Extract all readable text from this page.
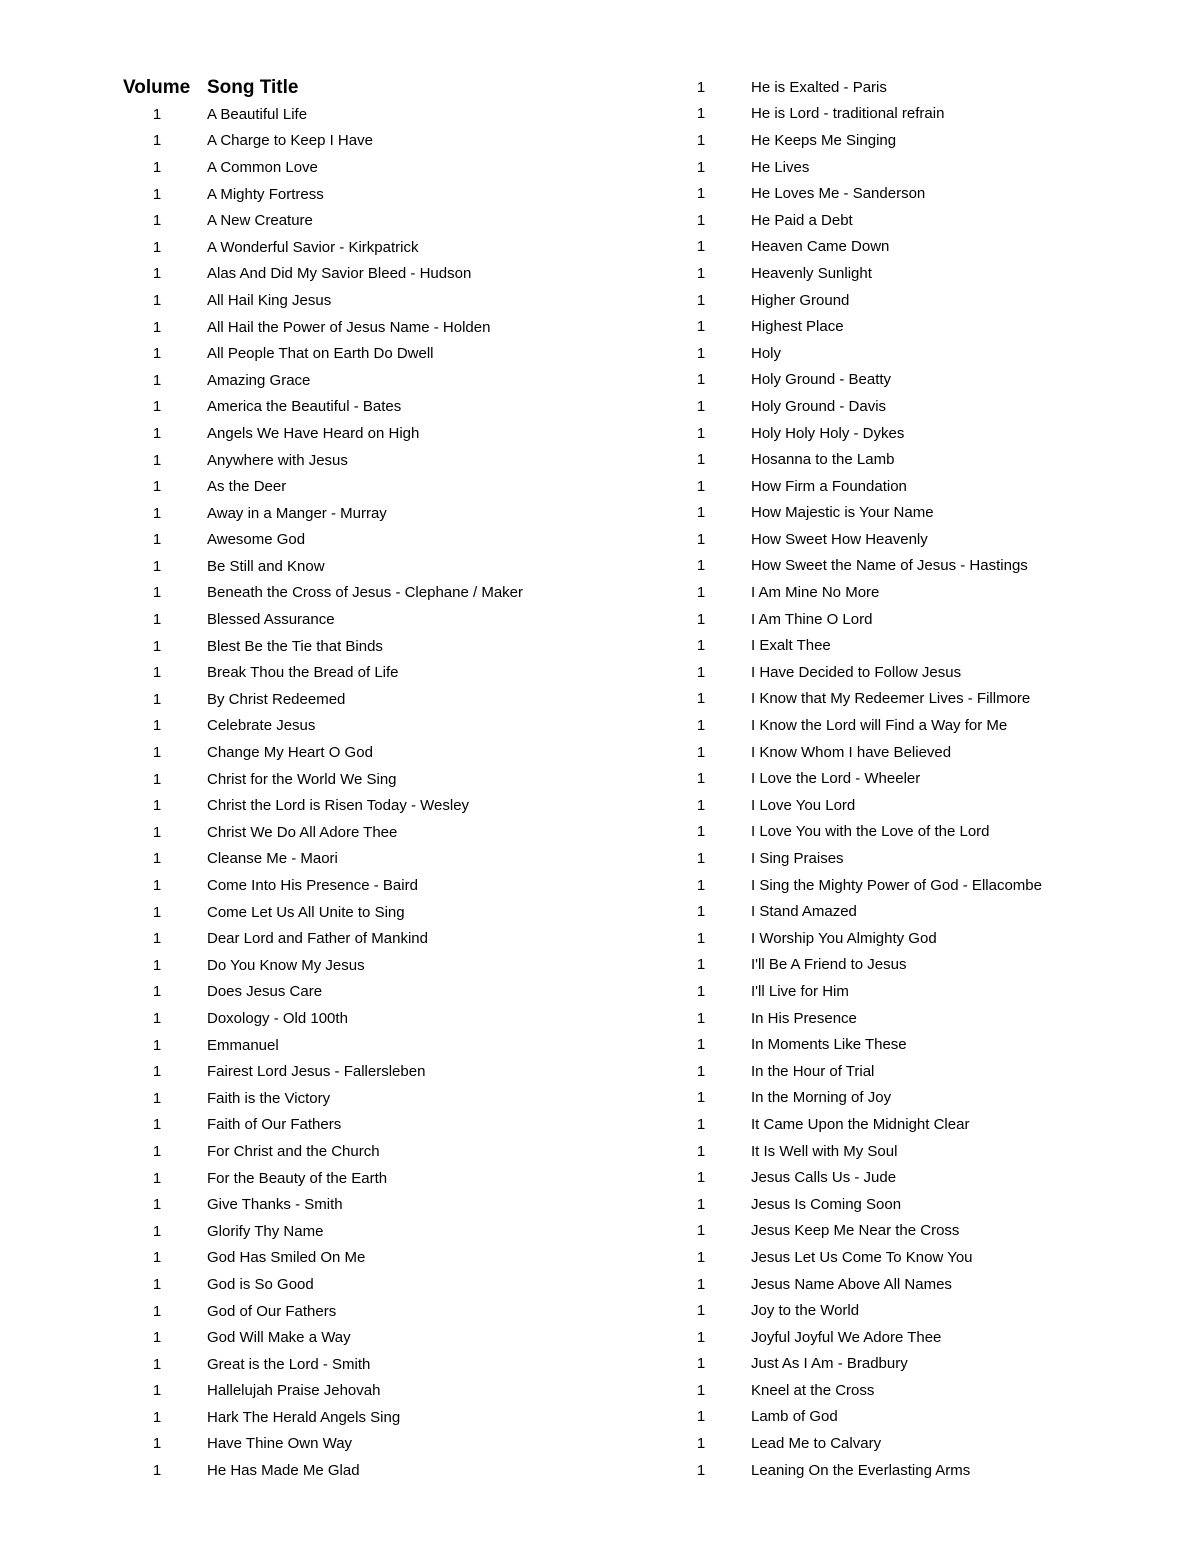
Volume Song Title
1	A Beautiful Life
1	A Charge to Keep I Have
1	A Common Love
1	A Mighty Fortress
1	A New Creature
1	A Wonderful Savior - Kirkpatrick
1	Alas And Did My Savior Bleed - Hudson
1	All Hail King Jesus
1	All Hail the Power of Jesus Name - Holden
1	All People That on Earth Do Dwell
1	Amazing Grace
1	America the Beautiful - Bates
1	Angels We Have Heard on High
1	Anywhere with Jesus
1	As the Deer
1	Away in a Manger - Murray
1	Awesome God
1	Be Still and Know
1	Beneath the Cross of Jesus - Clephane / Maker
1	Blessed Assurance
1	Blest Be the Tie that Binds
1	Break Thou the Bread of Life
1	By Christ Redeemed
1	Celebrate Jesus
1	Change My Heart O God
1	Christ for the World We Sing
1	Christ the Lord is Risen Today - Wesley
1	Christ We Do All Adore Thee
1	Cleanse Me - Maori
1	Come Into His Presence - Baird
1	Come Let Us All Unite to Sing
1	Dear Lord and Father of Mankind
1	Do You Know My Jesus
1	Does Jesus Care
1	Doxology - Old 100th
1	Emmanuel
1	Fairest Lord Jesus - Fallersleben
1	Faith is the Victory
1	Faith of Our Fathers
1	For Christ and the Church
1	For the Beauty of the Earth
1	Give Thanks - Smith
1	Glorify Thy Name
1	God Has Smiled On Me
1	God is So Good
1	God of Our Fathers
1	God Will Make a Way
1	Great is the Lord - Smith
1	Hallelujah Praise Jehovah
1	Hark The Herald Angels Sing
1	Have Thine Own Way
1	He Has Made Me Glad
1	He is Exalted - Paris
1	He is Lord - traditional refrain
1	He Keeps Me Singing
1	He Lives
1	He Loves Me - Sanderson
1	He Paid a Debt
1	Heaven Came Down
1	Heavenly Sunlight
1	Higher Ground
1	Highest Place
1	Holy
1	Holy Ground - Beatty
1	Holy Ground - Davis
1	Holy Holy Holy - Dykes
1	Hosanna to the Lamb
1	How Firm a Foundation
1	How Majestic is Your Name
1	How Sweet How Heavenly
1	How Sweet the Name of Jesus - Hastings
1	I Am Mine No More
1	I Am Thine O Lord
1	I Exalt Thee
1	I Have Decided to Follow Jesus
1	I Know that My Redeemer Lives - Fillmore
1	I Know the Lord will Find a Way for Me
1	I Know Whom I have Believed
1	I Love the Lord - Wheeler
1	I Love You Lord
1	I Love You with the Love of the Lord
1	I Sing Praises
1	I Sing the Mighty Power of God - Ellacombe
1	I Stand Amazed
1	I Worship You Almighty God
1	I'll Be A Friend to Jesus
1	I'll Live for Him
1	In His Presence
1	In Moments Like These
1	In the Hour of Trial
1	In the Morning of Joy
1	It Came Upon the Midnight Clear
1	It Is Well with My Soul
1	Jesus Calls Us - Jude
1	Jesus Is Coming Soon
1	Jesus Keep Me Near the Cross
1	Jesus Let Us Come To Know You
1	Jesus Name Above All Names
1	Joy to the World
1	Joyful Joyful We Adore Thee
1	Just As I Am - Bradbury
1	Kneel at the Cross
1	Lamb of God
1	Lead Me to Calvary
1	Leaning On the Everlasting Arms
